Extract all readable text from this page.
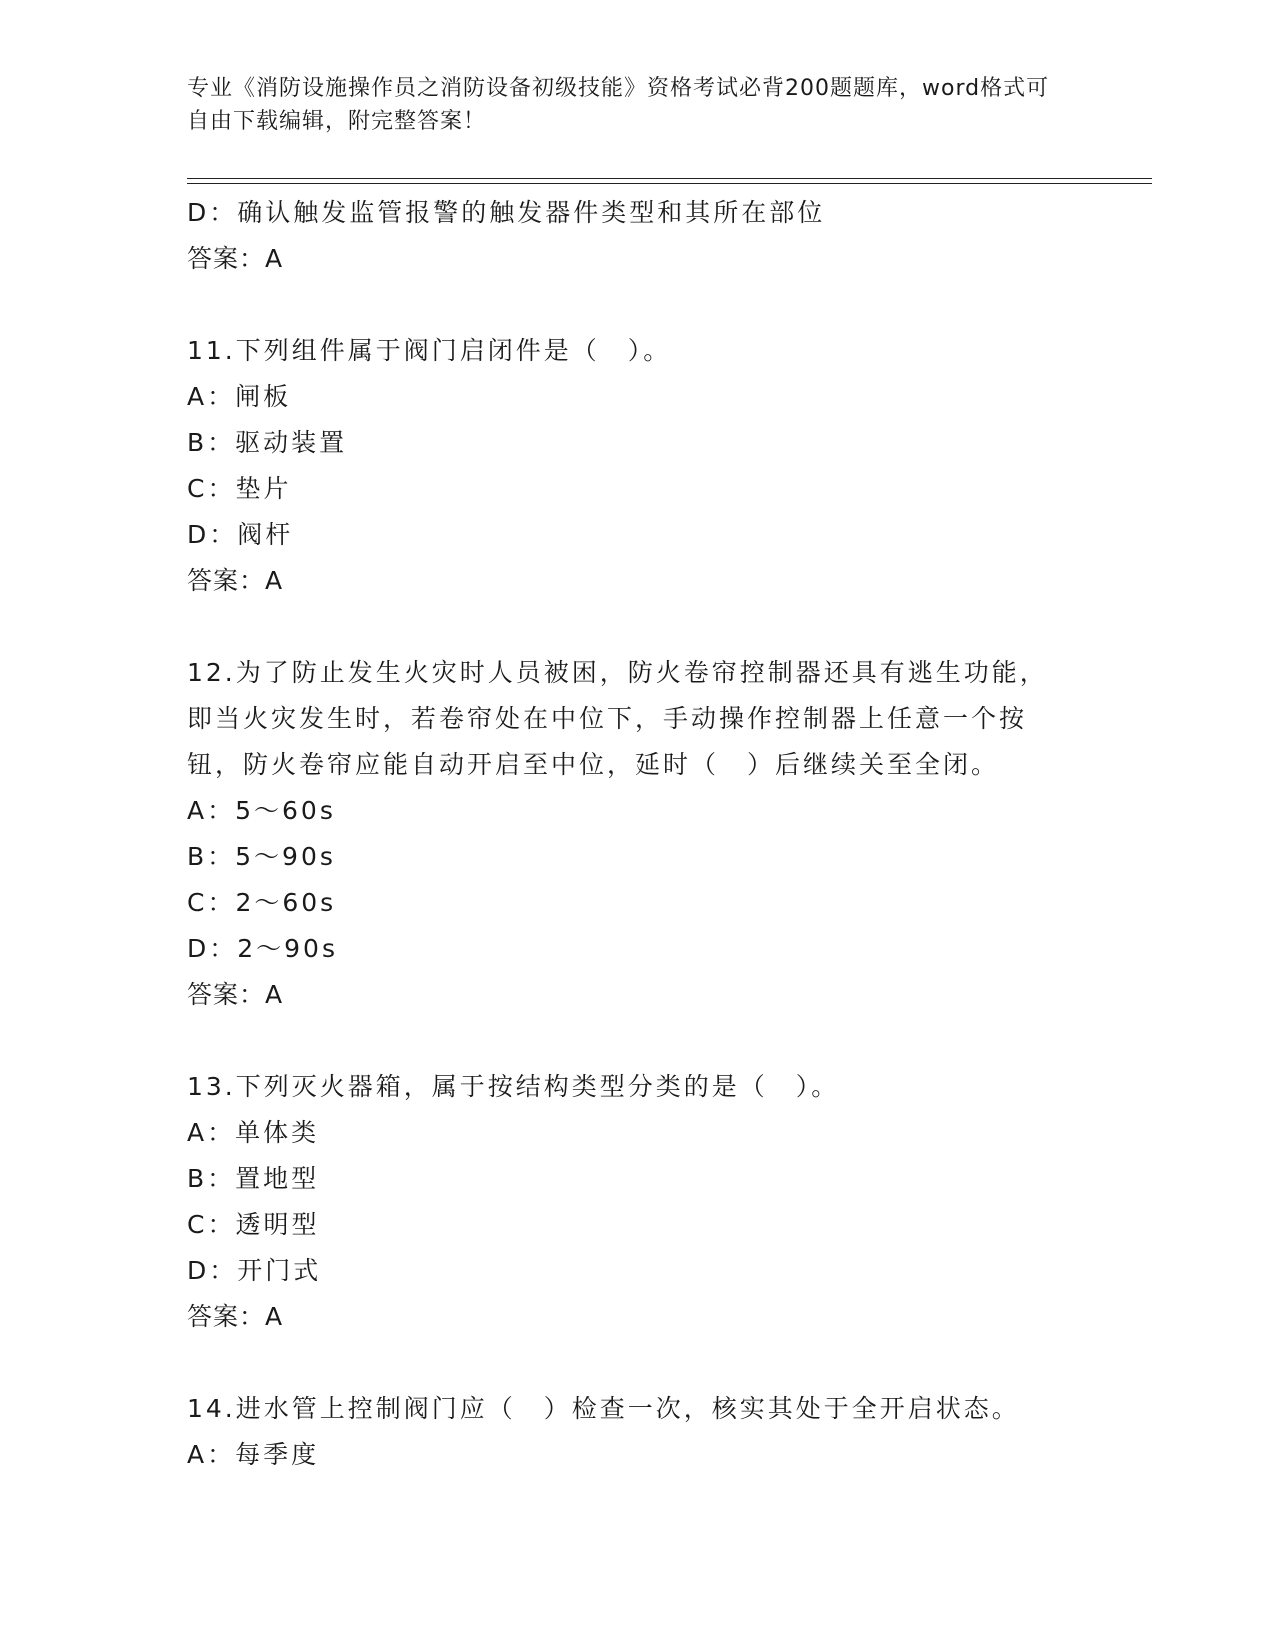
专业《消防设施操作员之消防设备初级技能》资格考试必背200题题库，word格式可自由下载编辑，附完整答案！
D：确认触发监管报警的触发器件类型和其所在部位
答案：A
11.下列组件属于阀门启闭件是（　）。
A：闸板
B：驱动装置
C：垫片
D：阀杆
答案：A
12.为了防止发生火灾时人员被困，防火卷帘控制器还具有逃生功能，
即当火灾发生时，若卷帘处在中位下，手动操作控制器上任意一个按
钮，防火卷帘应能自动开启至中位，延时（　）后继续关至全闭。
A：5～60s
B：5～90s
C：2～60s
D：2～90s
答案：A
13.下列灭火器箱，属于按结构类型分类的是（　）。
A：单体类
B：置地型
C：透明型
D：开门式
答案：A
14.进水管上控制阀门应（　）检查一次，核实其处于全开启状态。
A：每季度
